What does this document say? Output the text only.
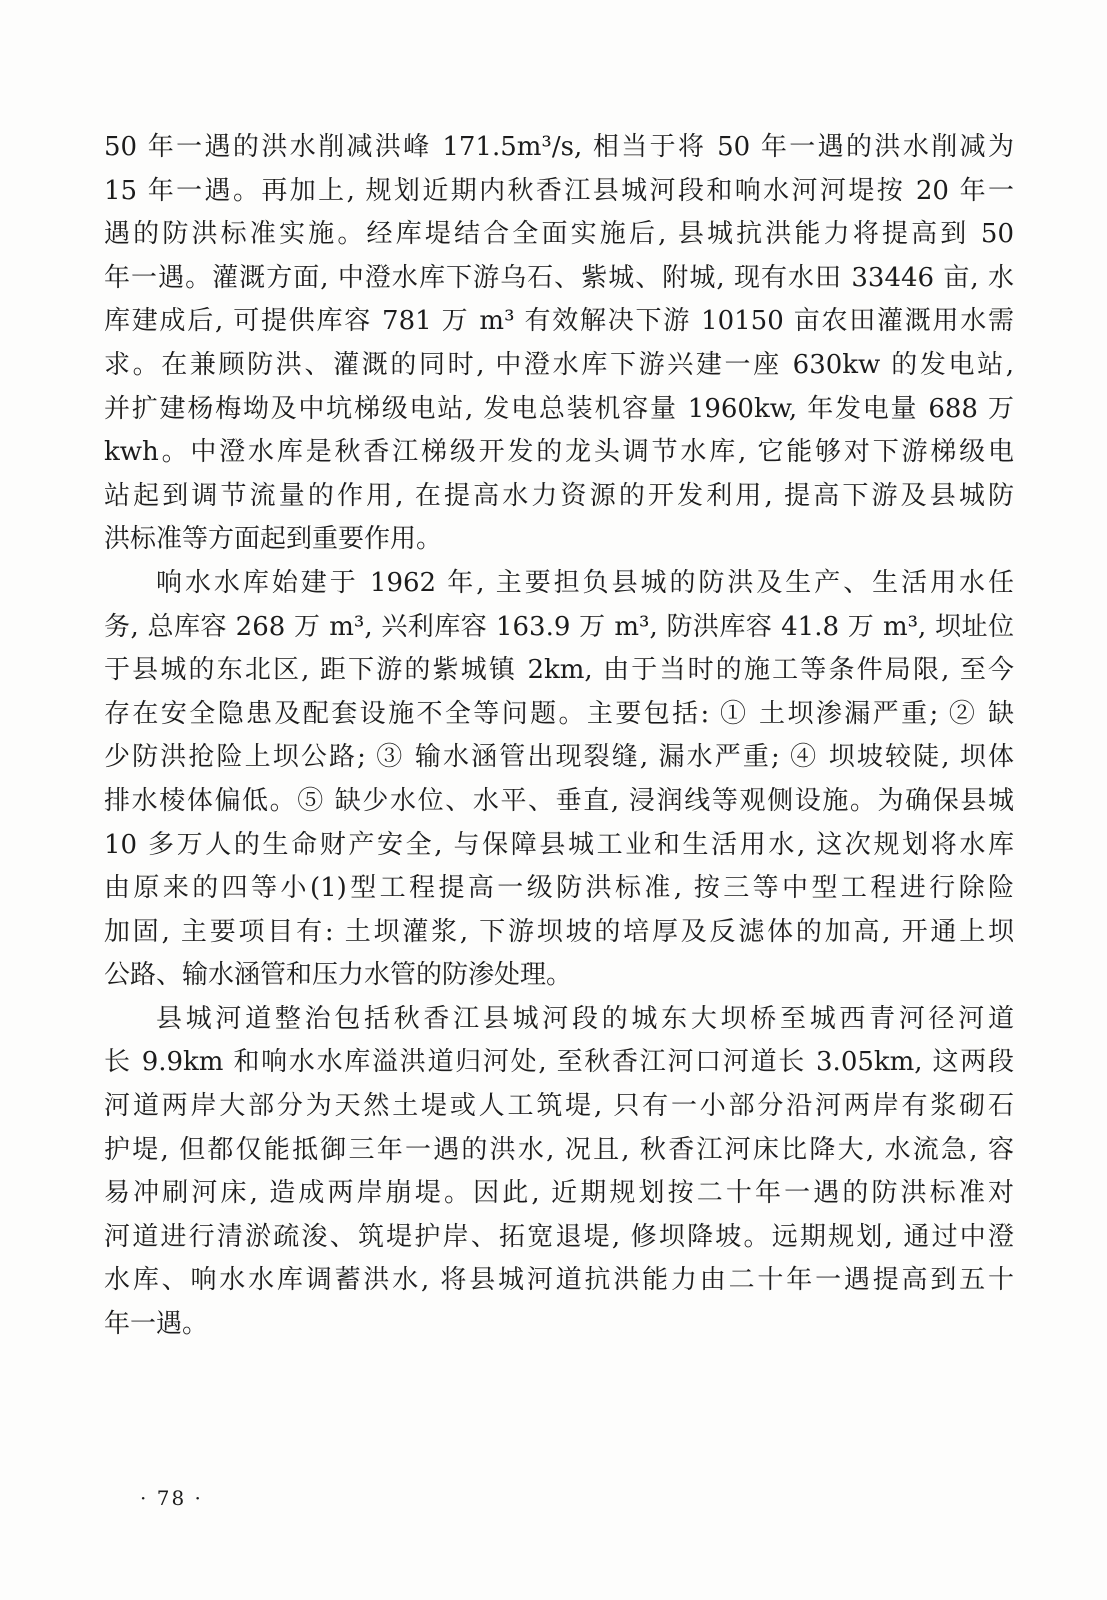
50 年一遇的洪水削减洪峰 171.5m³/s, 相当于将 50 年一遇的洪水削减为
15 年一遇。再加上, 规划近期内秋香江县城河段和响水河河堤按 20 年一
遇的防洪标准实施。经库堤结合全面实施后, 县城抗洪能力将提高到 50
年一遇。灌溉方面, 中澄水库下游乌石、紫城、附城, 现有水田 33446 亩, 水
库建成后, 可提供库容 781 万 m³ 有效解决下游 10150 亩农田灌溉用水需
求。在兼顾防洪、灌溉的同时, 中澄水库下游兴建一座 630kw 的发电站,
并扩建杨梅坳及中坑梯级电站, 发电总装机容量 1960kw, 年发电量 688 万
kwh。中澄水库是秋香江梯级开发的龙头调节水库, 它能够对下游梯级电
站起到调节流量的作用, 在提高水力资源的开发利用, 提高下游及县城防
洪标准等方面起到重要作用。
响水水库始建于 1962 年, 主要担负县城的防洪及生产、生活用水任
务, 总库容 268 万 m³, 兴利库容 163.9 万 m³, 防洪库容 41.8 万 m³, 坝址位
于县城的东北区, 距下游的紫城镇 2km, 由于当时的施工等条件局限, 至今
存在安全隐患及配套设施不全等问题。主要包括: ① 土坝渗漏严重; ② 缺
少防洪抢险上坝公路; ③ 输水涵管出现裂缝, 漏水严重; ④ 坝坡较陡, 坝体
排水棱体偏低。⑤ 缺少水位、水平、垂直, 浸润线等观侧设施。为确保县城
10 多万人的生命财产安全, 与保障县城工业和生活用水, 这次规划将水库
由原来的四等小(1)型工程提高一级防洪标准, 按三等中型工程进行除险
加固, 主要项目有: 土坝灌浆, 下游坝坡的培厚及反滤体的加高, 开通上坝
公路、输水涵管和压力水管的防渗处理。
县城河道整治包括秋香江县城河段的城东大坝桥至城西青河径河道
长 9.9km 和响水水库溢洪道归河处, 至秋香江河口河道长 3.05km, 这两段
河道两岸大部分为天然土堤或人工筑堤, 只有一小部分沿河两岸有浆砌石
护堤, 但都仅能抵御三年一遇的洪水, 况且, 秋香江河床比降大, 水流急, 容
易冲刷河床, 造成两岸崩堤。因此, 近期规划按二十年一遇的防洪标准对
河道进行清淤疏浚、筑堤护岸、拓宽退堤, 修坝降坡。远期规划, 通过中澄
水库、响水水库调蓄洪水, 将县城河道抗洪能力由二十年一遇提高到五十
年一遇。
· 78 ·
